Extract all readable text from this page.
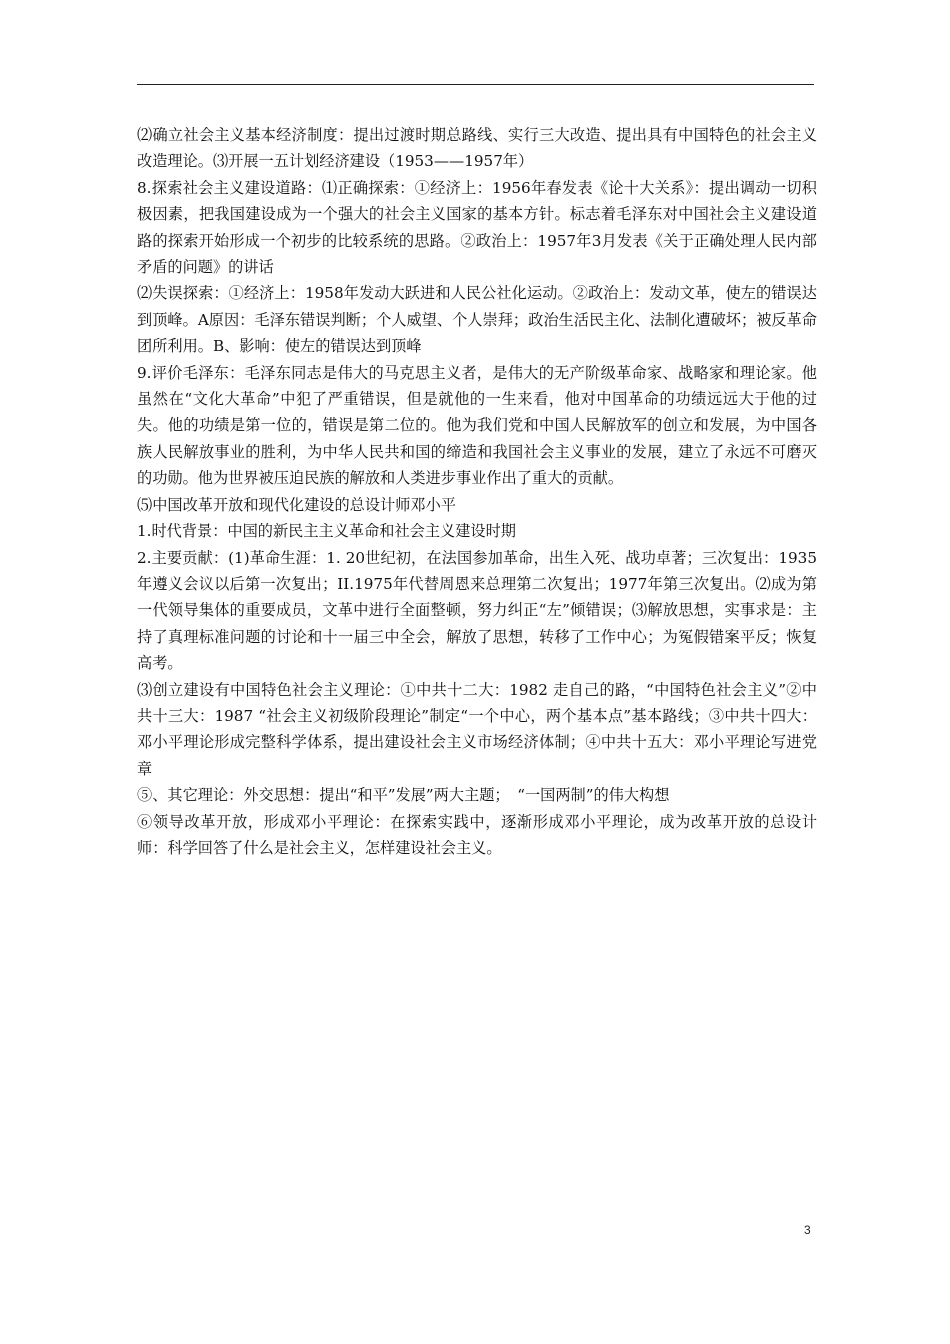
⑵确立社会主义基本经济制度：提出过渡时期总路线、实行三大改造、提出具有中国特色的社会主义改造理论。⑶开展一五计划经济建设（1953——1957年）

8.探索社会主义建设道路：⑴正确探索：①经济上：1956年春发表《论十大关系》：提出调动一切积极因素，把我国建设成为一个强大的社会主义国家的基本方针。标志着毛泽东对中国社会主义建设道路的探索开始形成一个初步的比较系统的思路。②政治上：1957年3月发表《关于正确处理人民内部矛盾的问题》的讲话

⑵失误探索：①经济上：1958年发动大跃进和人民公社化运动。②政治上：发动文革，使左的错误达到顶峰。A原因：毛泽东错误判断；个人威望、个人崇拜；政治生活民主化、法制化遭破坏；被反革命团所利用。B、影响：使左的错误达到顶峰

9.评价毛泽东：毛泽东同志是伟大的马克思主义者，是伟大的无产阶级革命家、战略家和理论家。他虽然在“文化大革命”中犯了严重错误，但是就他的一生来看，他对中国革命的功绩远远大于他的过失。他的功绩是第一位的，错误是第二位的。他为我们党和中国人民解放军的创立和发展，为中国各族人民解放事业的胜利，为中华人民共和国的缔造和我国社会主义事业的发展，建立了永远不可磨灭的功勋。他为世界被压迫民族的解放和人类进步事业作出了重大的贡献。

⑸中国改革开放和现代化建设的总设计师邓小平

1.时代背景：中国的新民主主义革命和社会主义建设时期

2.主要贡献：(1)革命生涯：1. 20世纪初，在法国参加革命，出生入死、战功卓著；三次复出：1935年遵义会议以后第一次复出；II.1975年代替周恩来总理第二次复出；1977年第三次复出。⑵成为第一代领导集体的重要成员，文革中进行全面整顿，努力纠正“左”倾错误；⑶解放思想，实事求是：主持了真理标准问题的讨论和十一届三中全会，解放了思想，转移了工作中心；为冤假错案平反；恢复高考。

⑶创立建设有中国特色社会主义理论：①中共十二大：1982 走自己的路，“中国特色社会主义”②中共十三大：1987 “社会主义初级阶段理论”制定“一个中心，两个基本点”基本路线；③中共十四大：邓小平理论形成完整科学体系，提出建设社会主义市场经济体制；④中共十五大：邓小平理论写进党章

⑤、其它理论：外交思想：提出“和平”发展”两大主题；　“一国两制”的伟大构想

⑥领导改革开放，形成邓小平理论：在探索实践中，逐渐形成邓小平理论，成为改革开放的总设计师：科学回答了什么是社会主义，怎样建设社会主义。

3
